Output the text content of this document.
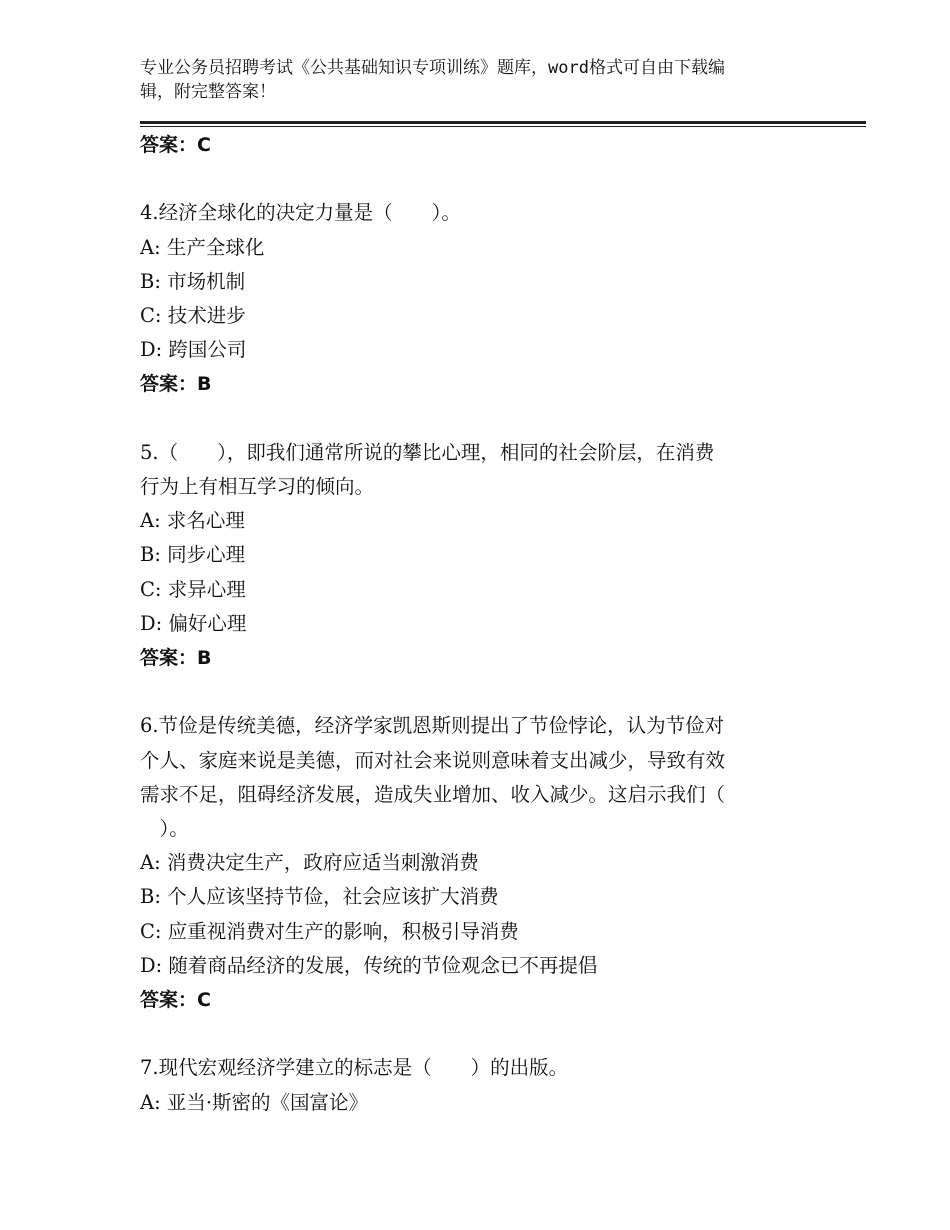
专业公务员招聘考试《公共基础知识专项训练》题库，word格式可自由下载编
辑，附完整答案！
答案：C
4.经济全球化的决定力量是（　　）。
A: 生产全球化
B: 市场机制
C: 技术进步
D: 跨国公司
答案：B
5.（　　），即我们通常所说的攀比心理，相同的社会阶层，在消费
行为上有相互学习的倾向。
A: 求名心理
B: 同步心理
C: 求异心理
D: 偏好心理
答案：B
6.节俭是传统美德，经济学家凯恩斯则提出了节俭悖论，认为节俭对
个人、家庭来说是美德，而对社会来说则意味着支出减少，导致有效
需求不足，阻碍经济发展，造成失业增加、收入减少。这启示我们（
　）。
A: 消费决定生产，政府应适当刺激消费
B: 个人应该坚持节俭，社会应该扩大消费
C: 应重视消费对生产的影响，积极引导消费
D: 随着商品经济的发展，传统的节俭观念已不再提倡
答案：C
7.现代宏观经济学建立的标志是（　　）的出版。
A: 亚当·斯密的《国富论》
